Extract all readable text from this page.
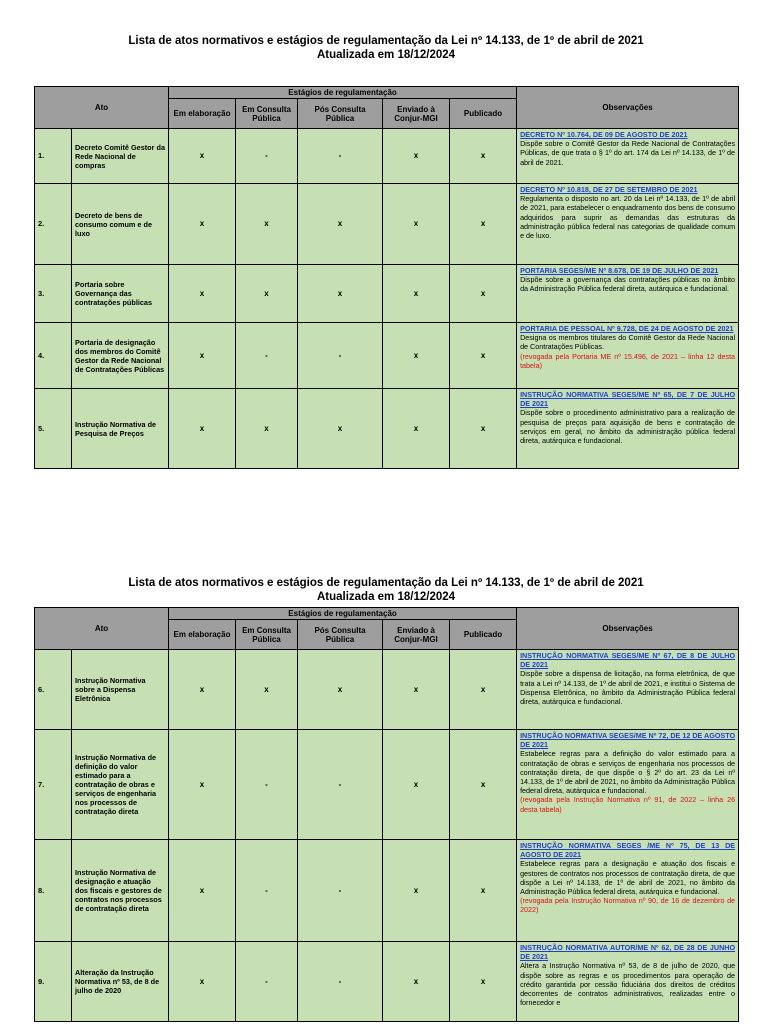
Lista de atos normativos e estágios de regulamentação da Lei nº 14.133, de 1º de abril de 2021
Atualizada em 18/12/2024
Ato		Estágios de regulamentação					Observações
		Em elaboração	Em Consulta Pública	Pós Consulta Pública	Enviado à Conjur-MGI	Publicado	
1.	Decreto Comitê Gestor da Rede Nacional de compras	x	-	-	x	x	DECRETO Nº 10.764, DE 09 DE AGOSTO DE 2021
Dispõe sobre o Comitê Gestor da Rede Nacional de Contratações Públicas, de que trata o § 1º do art. 174 da Lei nº 14.133, de 1º de abril de 2021.
2.	Decreto de bens de consumo comum e de luxo	x	x	x	x	x	DECRETO Nº 10.818, DE 27 DE SETEMBRO DE 2021
Regulamenta o disposto no art. 20 da Lei nº 14.133, de 1º de abril de 2021, para estabelecer o enquadramento dos bens de consumo adquiridos para suprir as demandas das estruturas da administração pública federal nas categorias de qualidade comum e de luxo.
3.	Portaria sobre Governança das contratações públicas	x	x	x	x	x	PORTARIA SEGES/ME Nº 8.678, DE 19 DE JULHO DE 2021
Dispõe sobre a governança das contratações públicas no âmbito da Administração Pública federal direta, autárquica e fundacional.
4.	Portaria de designação dos membros do Comitê Gestor da Rede Nacional de Contratações Públicas	x	-	-	x	x	PORTARIA DE PESSOAL Nº 9.728, DE 24 DE AGOSTO DE 2021
Designa os membros titulares do Comitê Gestor da Rede Nacional de Contratações Públicas.
(revogada pela Portaria ME nº 15.496, de 2021 – linha 12 desta tabela)

5.	Instrução Normativa de Pesquisa de Preços	x	x	x	x	x	INSTRUÇÃO NORMATIVA SEGES/ME Nº 65, DE 7 DE JULHO DE 2021
Dispõe sobre o procedimento administrativo para a realização de pesquisa de preços para aquisição de bens e contratação de serviços em geral, no âmbito da administração pública federal direta, autárquica e fundacional.
Lista de atos normativos e estágios de regulamentação da Lei nº 14.133, de 1º de abril de 2021
Atualizada em 18/12/2024
Ato		Estágios de regulamentação					Observações
		Em elaboração	Em Consulta Pública	Pós Consulta Pública	Enviado à Conjur-MGI	Publicado	
6.	Instrução Normativa sobre a Dispensa Eletrônica	x	x	x	x	x	INSTRUÇÃO NORMATIVA SEGES/ME Nº 67, DE 8 DE JULHO DE 2021
Dispõe sobre a dispensa de licitação, na forma eletrônica, de que trata a Lei nº 14.133, de 1º de abril de 2021, e institui o Sistema de Dispensa Eletrônica, no âmbito da Administração Pública federal direta, autárquica e fundacional.
7.	Instrução Normativa de definição do valor estimado para a contratação de obras e serviços de engenharia nos processos de contratação direta	x	-	-	x	x	INSTRUÇÃO NORMATIVA SEGES/ME Nº 72, DE 12 DE AGOSTO DE 2021
Estabelece regras para a definição do valor estimado para a contratação de obras e serviços de engenharia nos processos de contratação direta, de que dispõe o § 2º do art. 23 da Lei nº 14.133, de 1º de abril de 2021, no âmbito da Administração Pública federal direta, autárquica e fundacional.
(revogada pela Instrução Normativa nº 91, de 2022 – linha 26 desta tabela)

8.	Instrução Normativa de designação e atuação dos fiscais e gestores de contratos nos processos de contratação direta	x	-	-	x	x	INSTRUÇÃO NORMATIVA SEGES /ME Nº 75, DE 13 DE AGOSTO DE 2021
Estabelece regras para a designação e atuação dos fiscais e gestores de contratos nos processos de contratação direta, de que dispõe a Lei nº 14.133, de 1º de abril de 2021, no âmbito da Administração Pública federal direta, autárquica e fundacional.
(revogada pela Instrução Normativa nº 90, de 16 de dezembro de 2022)

9.	Alteração da Instrução Normativa nº 53, de 8 de julho de 2020	x	-	-	x	x	INSTRUÇÃO NORMATIVA AUTOR/ME Nº 62, DE 28 DE JUNHO DE 2021
Altera a Instrução Normativa nº 53, de 8 de julho de 2020, que dispõe sobre as regras e os procedimentos para operação de crédito garantida por cessão fiduciária dos direitos de créditos decorrentes de contratos administrativos, realizadas entre o fornecedor e
